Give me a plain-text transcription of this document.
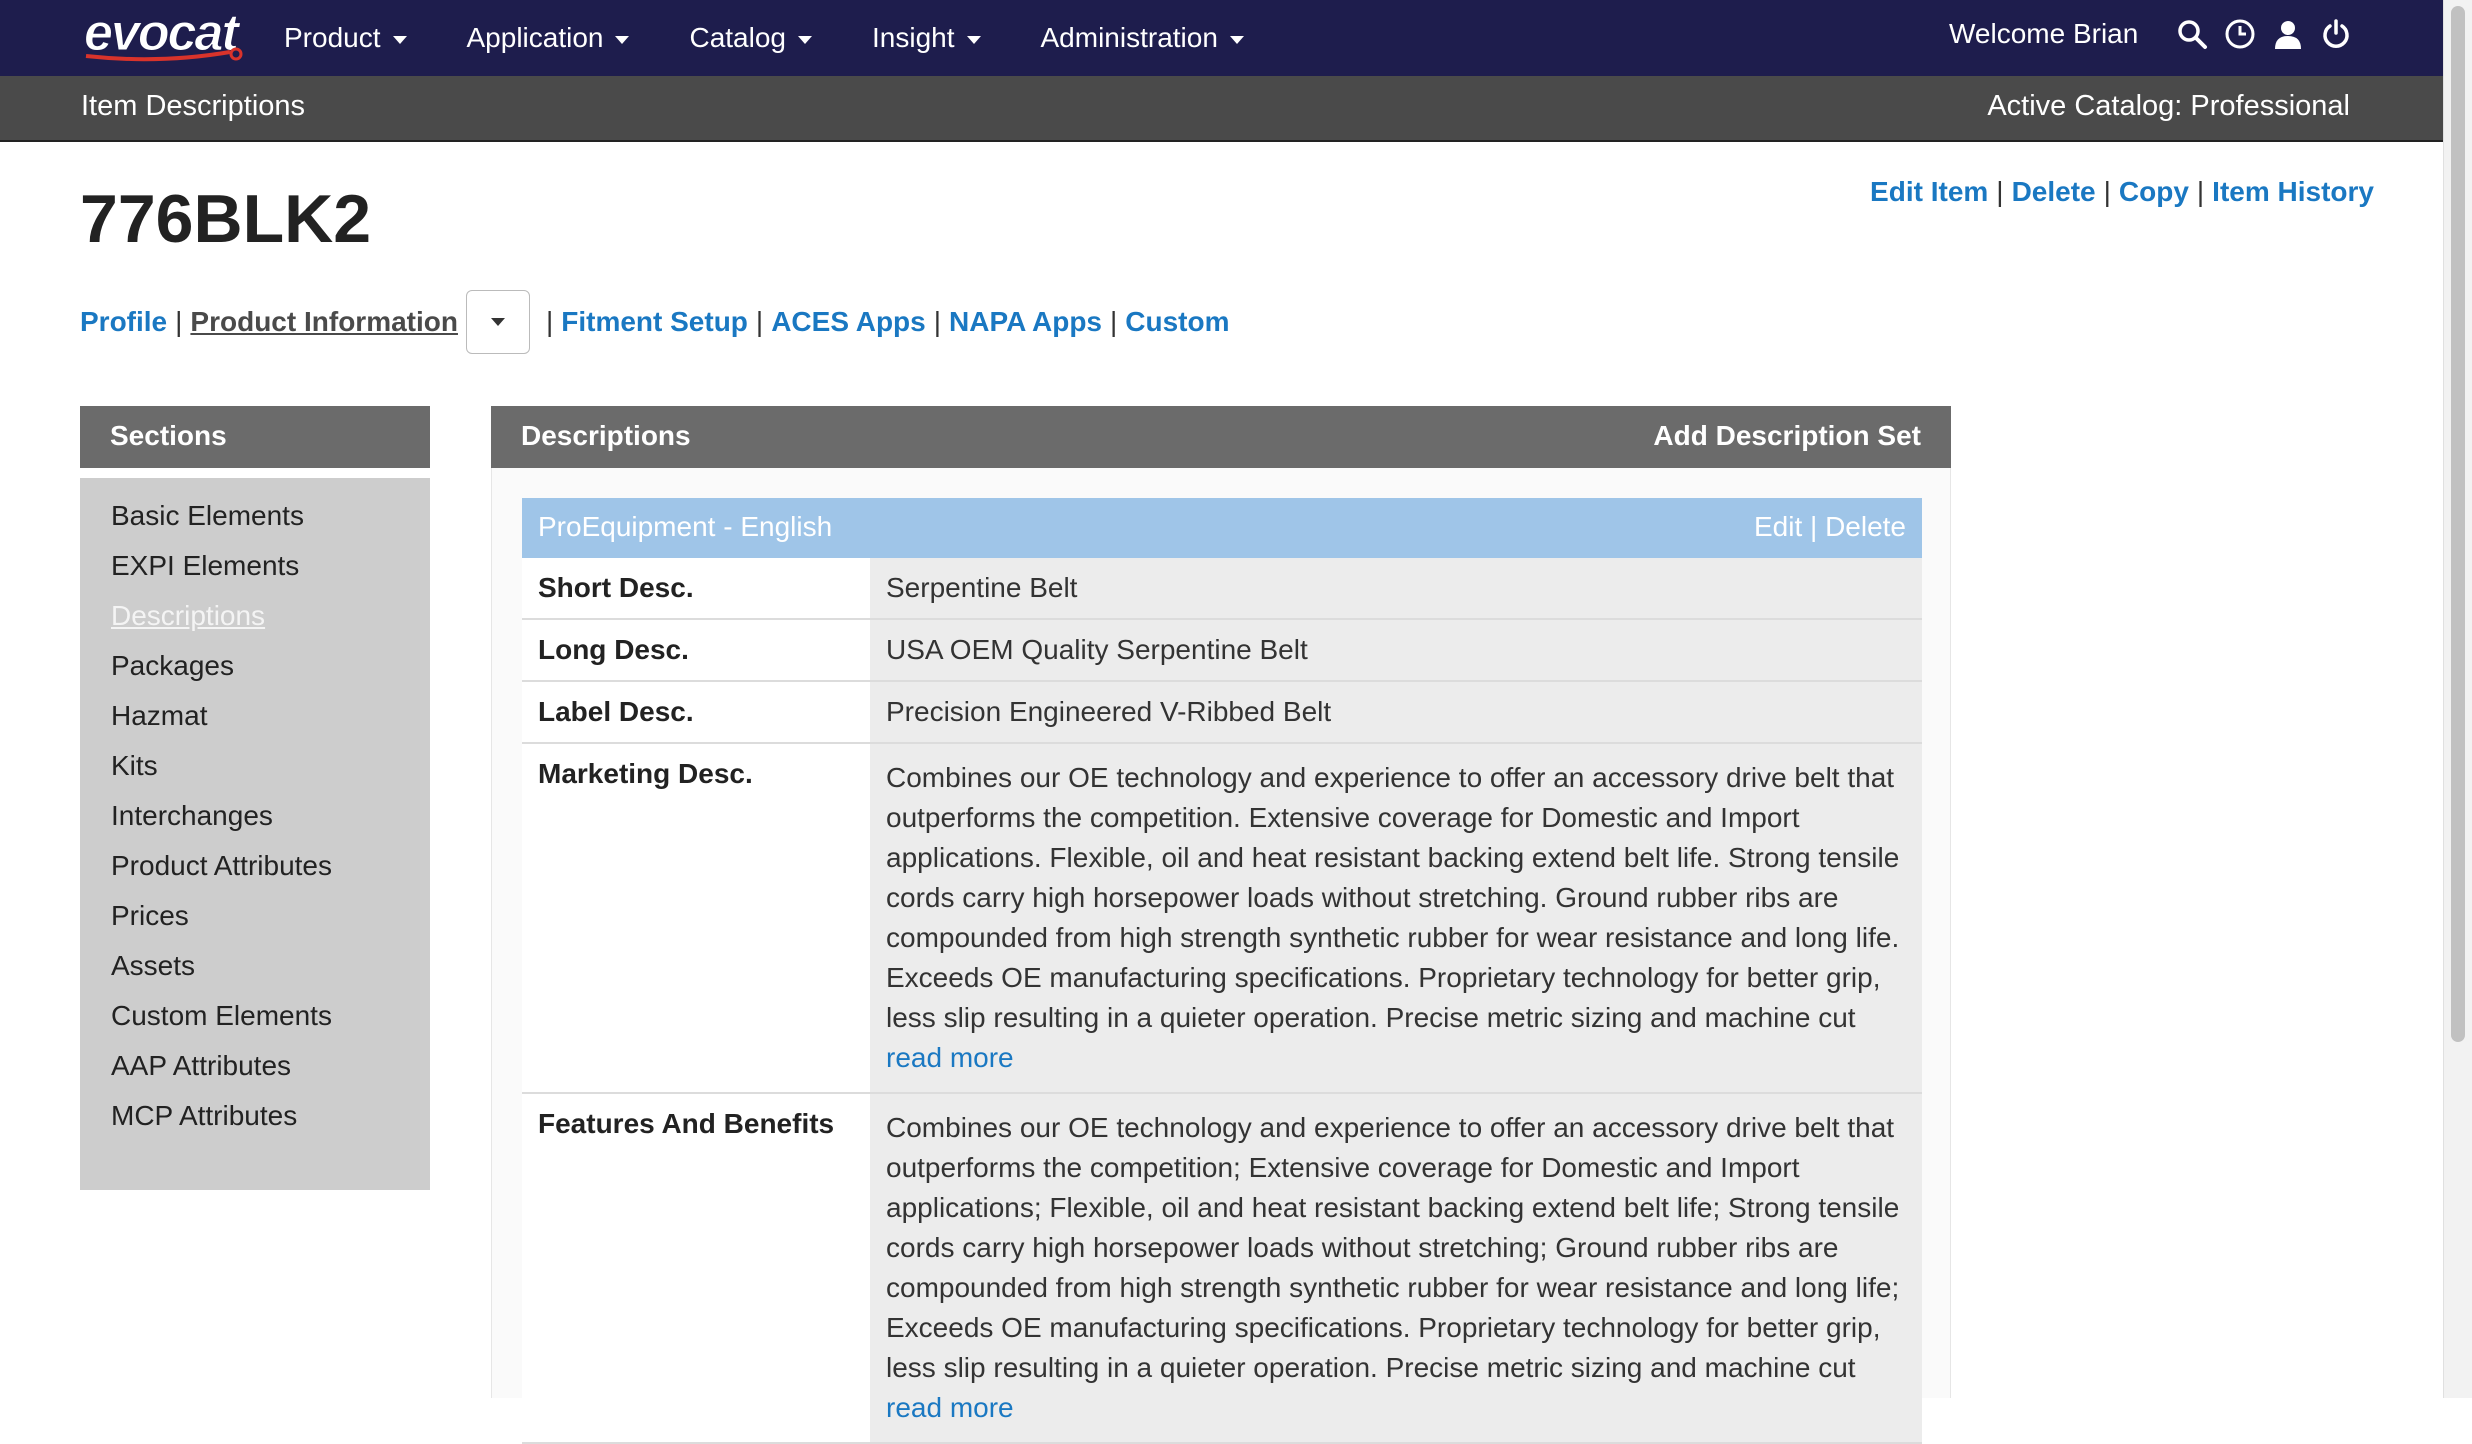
evocat Product	Application	Catalog	Insight	Administration	Welcome Brian
Item Descriptions	Active Catalog: Professional
776BLK2	Edit Item | Delete | Copy | Item History
Profile | Product Information	| Fitment Setup | ACES Apps | NAPA Apps | Custom
Sections
Basic Elements
EXPI Elements
Descriptions
Packages
Hazmat
Kits
Interchanges
Product Attributes
Prices
Assets
Custom Elements
AAP Attributes
MCP Attributes
Descriptions	Add Description Set
ProEquipment - English	Edit | Delete
Short Desc.	Serpentine Belt
Long Desc.	USA OEM Quality Serpentine Belt
Label Desc.	Precision Engineered V-Ribbed Belt
Marketing Desc.	Combines our OE technology and experience to offer an accessory drive belt that outperforms the competition. Extensive coverage for Domestic and Import applications. Flexible, oil and heat resistant backing extend belt life. Strong tensile cords carry high horsepower loads without stretching. Ground rubber ribs are compounded from high strength synthetic rubber for wear resistance and long life. Exceeds OE manufacturing specifications. Proprietary technology for better grip, less slip resulting in a quieter operation. Precise metric sizing and machine cut
read more
Features And Benefits	Combines our OE technology and experience to offer an accessory drive belt that outperforms the competition; Extensive coverage for Domestic and Import applications; Flexible, oil and heat resistant backing extend belt life; Strong tensile cords carry high horsepower loads without stretching; Ground rubber ribs are compounded from high strength synthetic rubber for wear resistance and long life; Exceeds OE manufacturing specifications. Proprietary technology for better grip, less slip resulting in a quieter operation. Precise metric sizing and machine cut
read more
